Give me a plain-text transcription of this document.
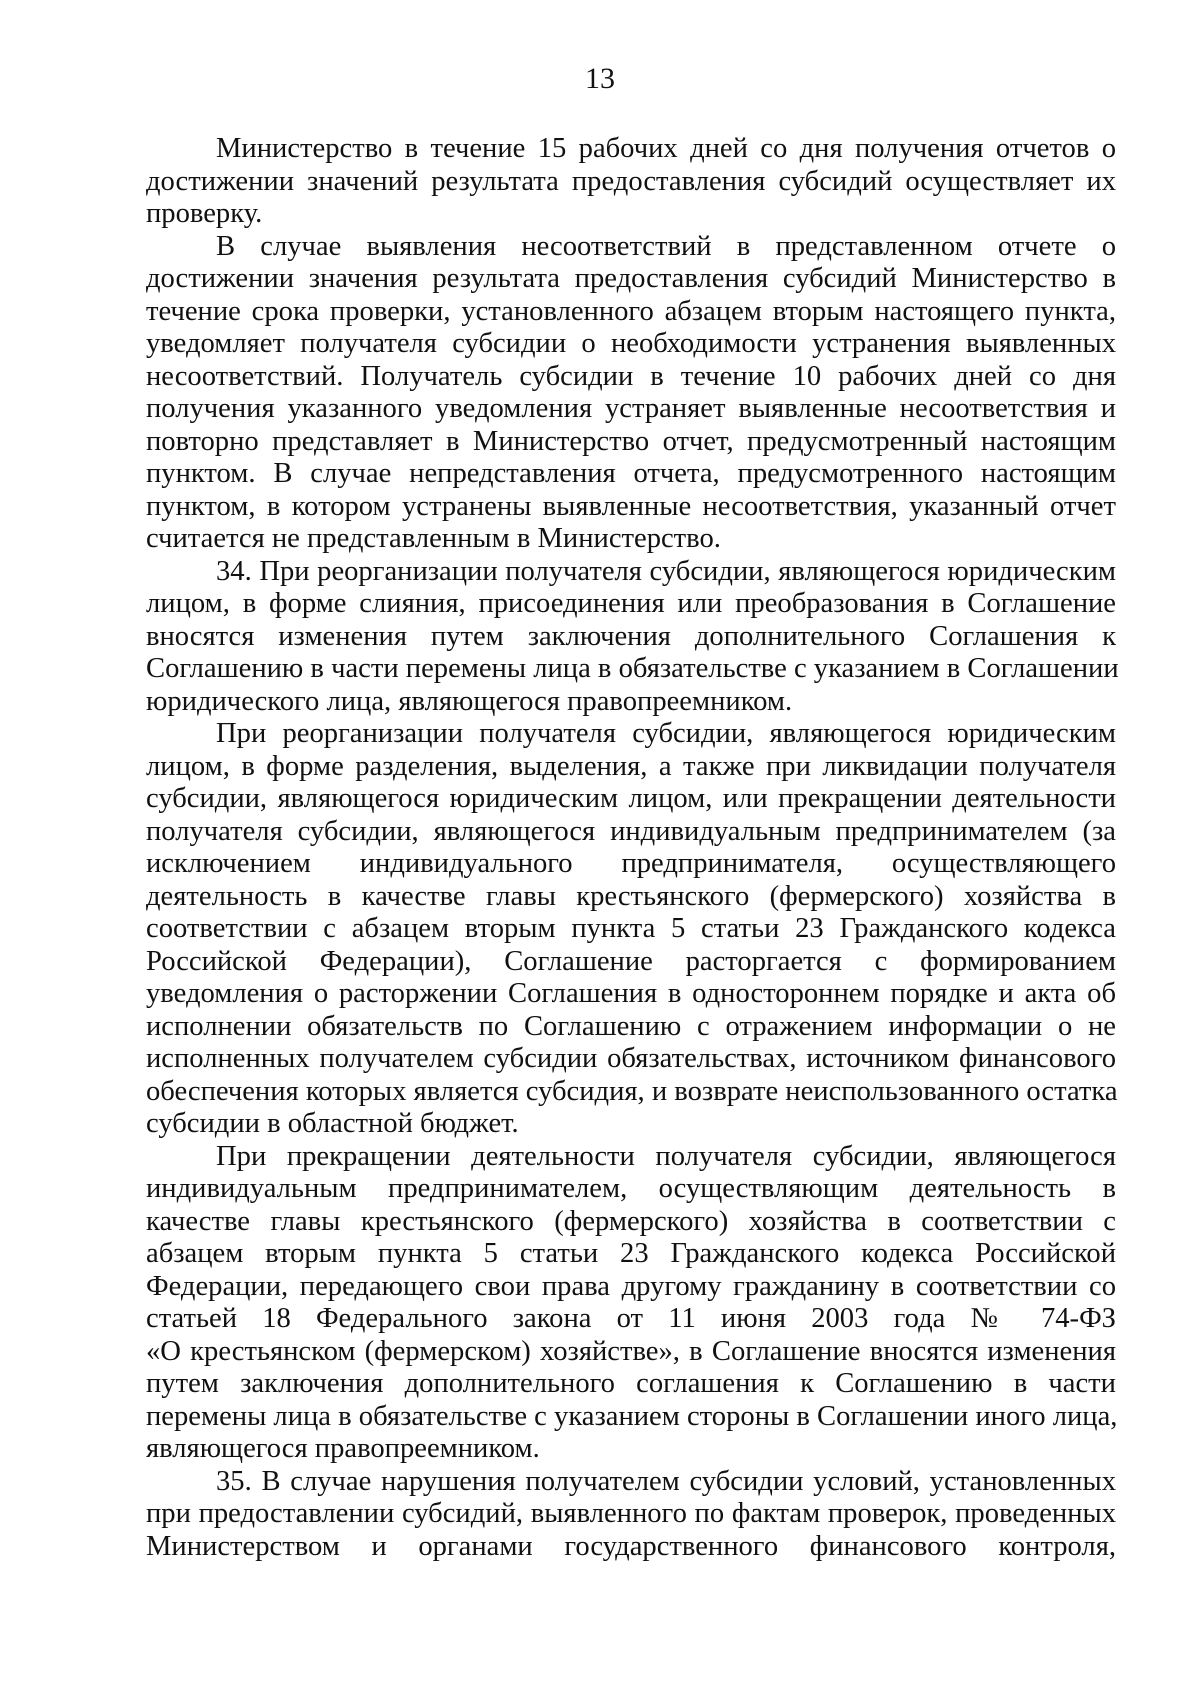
13
Министерство в течение 15 рабочих дней со дня получения отчетов о
достижении значений результата предоставления субсидий осуществляет их
проверку.
В случае выявления несоответствий в представленном отчете о
достижении значения результата предоставления субсидий Министерство в
течение срока проверки, установленного абзацем вторым настоящего пункта,
уведомляет получателя субсидии о необходимости устранения выявленных
несоответствий. Получатель субсидии в течение 10 рабочих дней со дня
получения указанного уведомления устраняет выявленные несоответствия и
повторно представляет в Министерство отчет, предусмотренный настоящим
пунктом. В случае непредставления отчета, предусмотренного настоящим
пунктом, в котором устранены выявленные несоответствия, указанный отчет
считается не представленным в Министерство.
34. При реорганизации получателя субсидии, являющегося юридическим
лицом, в форме слияния, присоединения или преобразования в Соглашение
вносятся изменения путем заключения дополнительного Соглашения к
Соглашению в части перемены лица в обязательстве с указанием в Соглашении
юридического лица, являющегося правопреемником.
При реорганизации получателя субсидии, являющегося юридическим
лицом, в форме разделения, выделения, а также при ликвидации получателя
субсидии, являющегося юридическим лицом, или прекращении деятельности
получателя субсидии, являющегося индивидуальным предпринимателем (за
исключением индивидуального предпринимателя, осуществляющего
деятельность в качестве главы крестьянского (фермерского) хозяйства в
соответствии с абзацем вторым пункта 5 статьи 23 Гражданского кодекса
Российской Федерации), Соглашение расторгается с формированием
уведомления о расторжении Соглашения в одностороннем порядке и акта об
исполнении обязательств по Соглашению с отражением информации о не
исполненных получателем субсидии обязательствах, источником финансового
обеспечения которых является субсидия, и возврате неиспользованного остатка
субсидии в областной бюджет.
При прекращении деятельности получателя субсидии, являющегося
индивидуальным предпринимателем, осуществляющим деятельность в
качестве главы крестьянского (фермерского) хозяйства в соответствии с
абзацем вторым пункта 5 статьи 23 Гражданского кодекса Российской
Федерации, передающего свои права другому гражданину в соответствии со
статьей 18 Федерального закона от 11 июня 2003 года № 74-ФЗ
«О крестьянском (фермерском) хозяйстве», в Соглашение вносятся изменения
путем заключения дополнительного соглашения к Соглашению в части
перемены лица в обязательстве с указанием стороны в Соглашении иного лица,
являющегося правопреемником.
35. В случае нарушения получателем субсидии условий, установленных
при предоставлении субсидий, выявленного по фактам проверок, проведенных
Министерством и органами государственного финансового контроля,
